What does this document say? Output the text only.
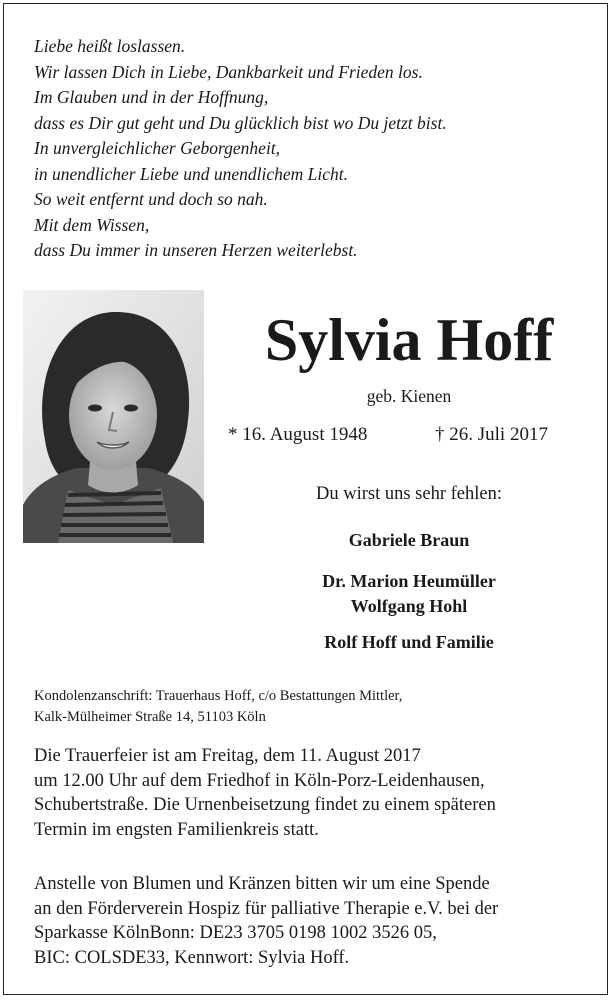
Liebe heißt loslassen.
Wir lassen Dich in Liebe, Dankbarkeit und Frieden los.
Im Glauben und in der Hoffnung,
dass es Dir gut geht und Du glücklich bist wo Du jetzt bist.
In unvergleichlicher Geborgenheit,
in unendlicher Liebe und unendlichem Licht.
So weit entfernt und doch so nah.
Mit dem Wissen,
dass Du immer in unseren Herzen weiterlebst.
Sylvia Hoff
geb. Kienen
* 16. August 1948	† 26. Juli 2017
Du wirst uns sehr fehlen:
Gabriele Braun
Dr. Marion Heumüller
Wolfgang Hohl
Rolf Hoff und Familie
Kondolenzanschrift: Trauerhaus Hoff, c/o Bestattungen Mittler,
Kalk-Mülheimer Straße 14, 51103 Köln
Die Trauerfeier ist am Freitag, dem 11. August 2017
um 12.00 Uhr auf dem Friedhof in Köln-Porz-Leidenhausen,
Schubertstraße. Die Urnenbeisetzung findet zu einem späteren
Termin im engsten Familienkreis statt.
Anstelle von Blumen und Kränzen bitten wir um eine Spende
an den Förderverein Hospiz für palliative Therapie e.V. bei der
Sparkasse KölnBonn: DE23 3705 0198 1002 3526 05,
BIC: COLSDE33, Kennwort: Sylvia Hoff.
